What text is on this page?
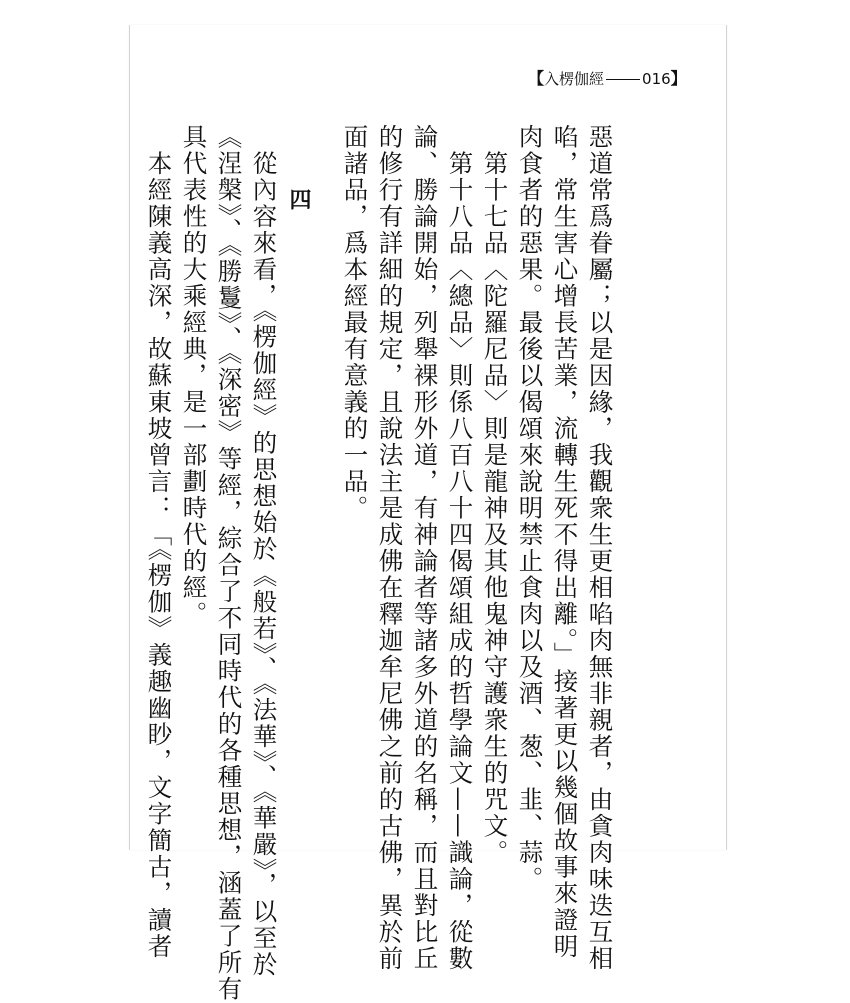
【入楞伽經	016】
惡道常爲眷屬；以是因緣，我觀衆生更相啗肉無非親者，由貪肉味迭互相
啗，常生害心增長苦業，流轉生死不得出離。」接著更以幾個故事來證明
肉食者的惡果。最後以偈頌來說明禁止食肉以及酒、葱、韭、蒜。
　第十七品〈陀羅尼品〉則是龍神及其他鬼神守護衆生的咒文。
　第十八品〈總品〉則係八百八十四偈頌組成的哲學論文——識論，從數
論、勝論開始，列舉裸形外道，有神論者等諸多外道的名稱，而且對比丘
的修行有詳細的規定，且說法主是成佛在釋迦牟尼佛之前的古佛，異於前
面諸品，爲本經最有意義的一品。
四
　從內容來看，《楞伽經》的思想始於《般若》、《法華》、《華嚴》，以至於
《涅槃》、《勝鬘》、《深密》等經，綜合了不同時代的各種思想，涵蓋了所有
具代表性的大乘經典，是一部劃時代的經。
　本經陳義高深，故蘇東坡曾言：「《楞伽》義趣幽眇，文字簡古，讀者
